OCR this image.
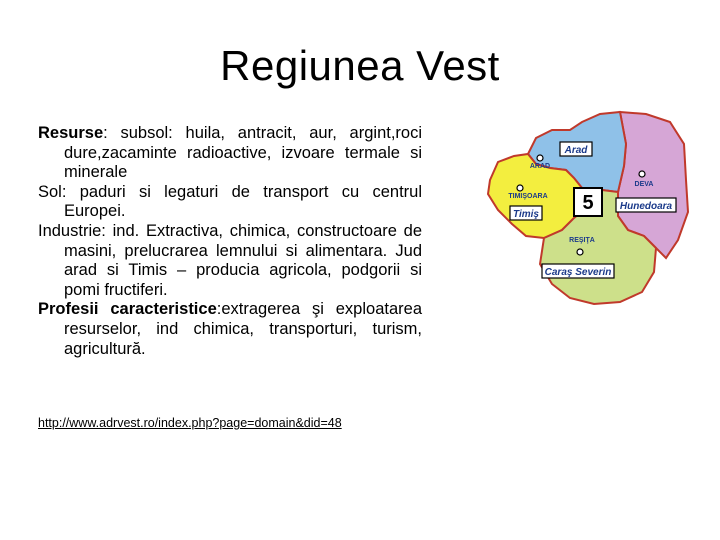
Regiunea Vest

Resurse: subsol: huila, antracit, aur, argint,roci dure,zacaminte radioactive, izvoare termale si minerale

Sol: paduri si legaturi de transport cu centrul Europei.

Industrie: ind. Extractiva, chimica, constructoare de masini, prelucrarea lemnului si alimentara. Jud arad si Timis – producia agricola, podgorii si pomi fructiferi.

Profesii caracteristice:extragerea şi exploatarea resurselor, ind chimica, transporturi, turism, agricultură.

http://www.adrvest.ro/index.php?page=domain&did=48
5
Arad
Timiş
Hunedoara
Caraş Severin
ARAD
TIMIŞOARA
DEVA
REŞIŢA
